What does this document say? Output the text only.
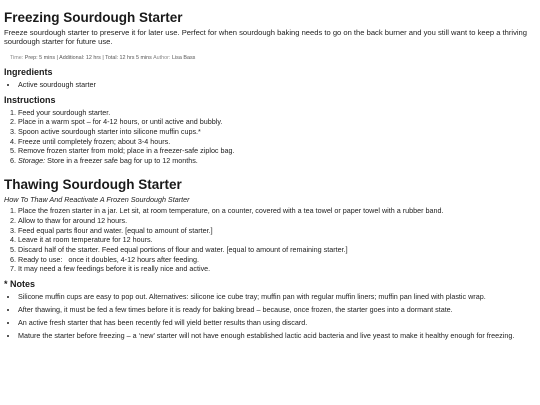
Freezing Sourdough Starter

Freeze sourdough starter to preserve it for later use. Perfect for when sourdough baking needs to go on the back burner and you still want to keep a thriving sourdough starter for future use.

Time: Prep: 5 mins | Additional: 12 hrs | Total: 12 hrs 5 mins Author: Lisa Bass
Ingredients
• Active sourdough starter
Instructions
1. Feed your sourdough starter.
2. Place in a warm spot – for 4-12 hours, or until active and bubbly.
3. Spoon active sourdough starter into silicone muffin cups.*
4. Freeze until completely frozen; about 3-4 hours.
5. Remove frozen starter from mold; place in a freezer-safe ziploc bag.
6. Storage: Store in a freezer safe bag for up to 12 months.
Thawing Sourdough Starter

How To Thaw And Reactivate A Frozen Sourdough Starter

1. Place the frozen starter in a jar. Let sit, at room temperature, on a counter, covered with a tea towel or paper towel with a rubber band.
2. Allow to thaw for around 12 hours.
3. Feed equal parts flour and water. [equal to amount of starter.]
4. Leave it at room temperature for 12 hours.
5. Discard half of the starter. Feed equal portions of flour and water. [equal to amount of remaining starter.]
6. Ready to use:   once it doubles, 4-12 hours after feeding.
7. It may need a few feedings before it is really nice and active.
* Notes
• Silicone muffin cups are easy to pop out. Alternatives: silicone ice cube tray; muffin pan with regular muffin liners; muffin pan lined with plastic wrap.
• After thawing, it must be fed a few times before it is ready for baking bread – because, once frozen, the starter goes into a dormant state.
• An active fresh starter that has been recently fed will yield better results than using discard.
• Mature the starter before freezing – a ‘new’ starter will not have enough established lactic acid bacteria and live yeast to make it healthy enough for freezing.
